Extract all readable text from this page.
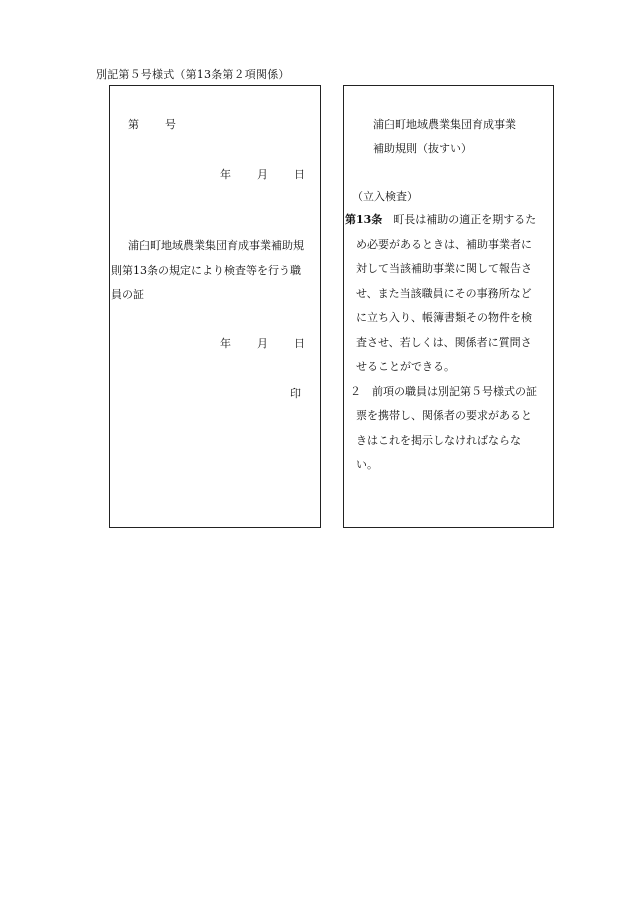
別記第５号様式（第13条第２項関係）
第 号
年 月 日
浦臼町地域農業集団育成事業補助規
則第13条の規定により検査等を行う職
員の証
年 月 日
印
浦臼町地域農業集団育成事業
補助規則（抜すい）
（立入検査）
第13条 町長は補助の適正を期するた
め必要があるときは、補助事業者に
対して当該補助事業に関して報告さ
せ、また当該職員にその事務所など
に立ち入り、帳簿書類その物件を検
査させ、若しくは、関係者に質問さ
せることができる。
２ 前項の職員は別記第５号様式の証
票を携帯し、関係者の要求があると
きはこれを掲示しなければならな
い。
